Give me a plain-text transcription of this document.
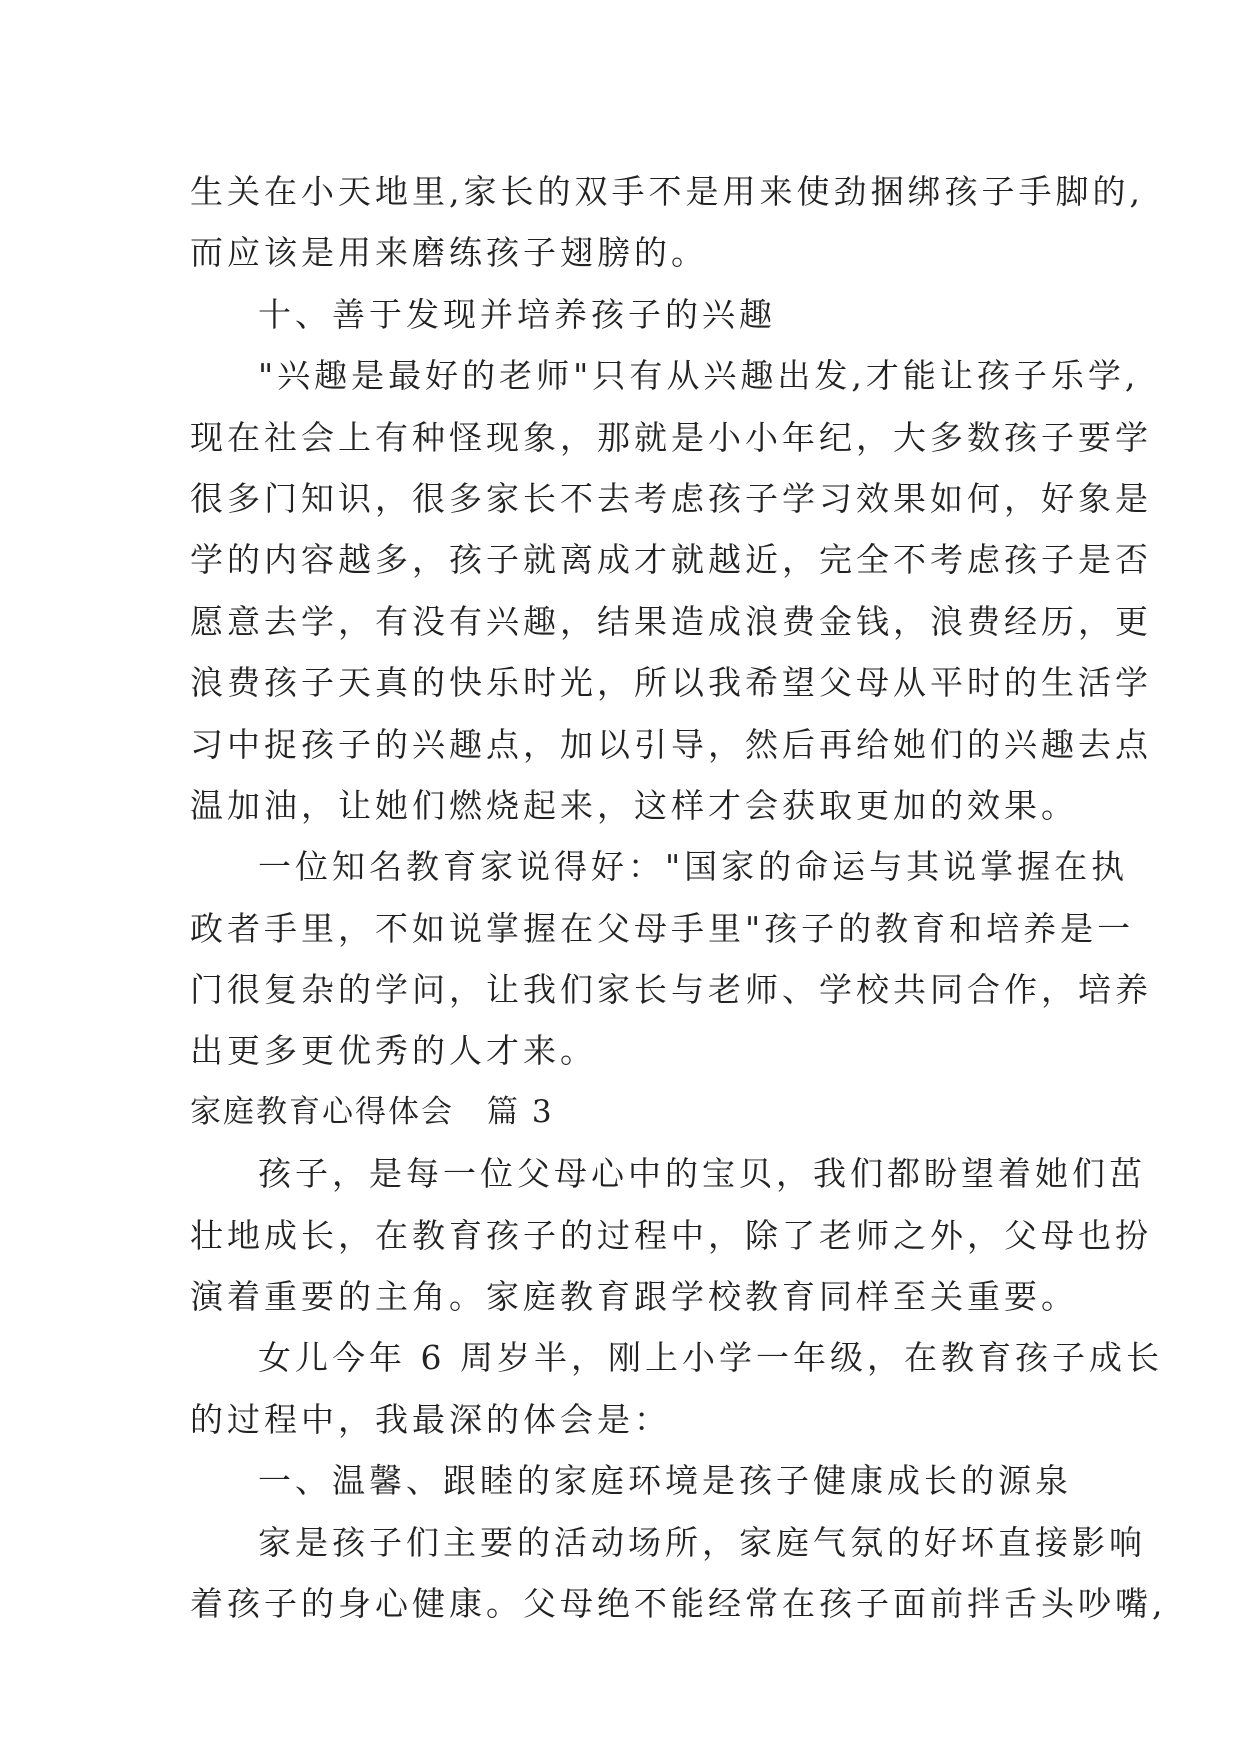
生关在小天地里,家长的双手不是用来使劲捆绑孩子手脚的,
而应该是用来磨练孩子翅膀的。
十、善于发现并培养孩子的兴趣
"兴趣是最好的老师"只有从兴趣出发,才能让孩子乐学,
现在社会上有种怪现象，那就是小小年纪，大多数孩子要学
很多门知识，很多家长不去考虑孩子学习效果如何，好象是
学的内容越多，孩子就离成才就越近，完全不考虑孩子是否
愿意去学，有没有兴趣，结果造成浪费金钱，浪费经历，更
浪费孩子天真的快乐时光，所以我希望父母从平时的生活学
习中捉孩子的兴趣点，加以引导，然后再给她们的兴趣去点
温加油，让她们燃烧起来，这样才会获取更加的效果。
一位知名教育家说得好："国家的命运与其说掌握在执
政者手里，不如说掌握在父母手里"孩子的教育和培养是一
门很复杂的学问，让我们家长与老师、学校共同合作，培养
出更多更优秀的人才来。
家庭教育心得体会　篇 3
孩子，是每一位父母心中的宝贝，我们都盼望着她们茁
壮地成长，在教育孩子的过程中，除了老师之外，父母也扮
演着重要的主角。家庭教育跟学校教育同样至关重要。
女儿今年 6 周岁半，刚上小学一年级，在教育孩子成长
的过程中，我最深的体会是：
一、温馨、跟睦的家庭环境是孩子健康成长的源泉
家是孩子们主要的活动场所，家庭气氛的好坏直接影响
着孩子的身心健康。父母绝不能经常在孩子面前拌舌头吵嘴,
